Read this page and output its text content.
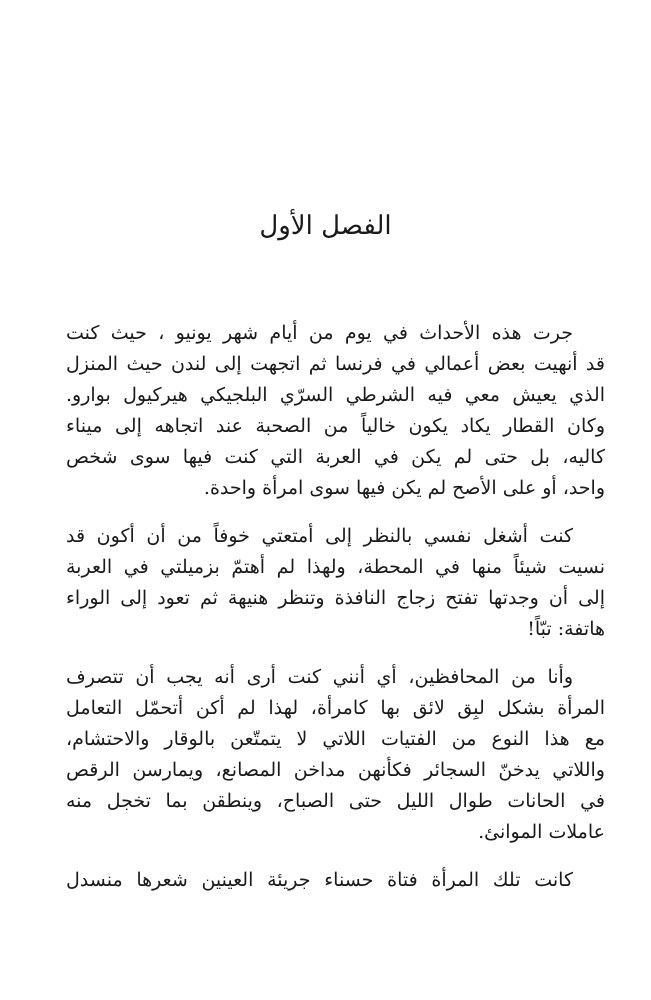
الفصل الأول
جرت هذه الأحداث في يوم من أيام شهر يونيو ، حيث كنت
قد أنهيت بعض أعمالي في فرنسا ثم اتجهت إلى لندن حيث المنزل
الذي يعيش معي فيه الشرطي السرّي البلجيكي هيركيول بوارو.
وكان القطار يكاد يكون خالياً من الصحبة عند اتجاهه إلى ميناء
كاليه، بل حتى لم يكن في العربة التي كنت فيها سوى شخص
واحد، أو على الأصح لم يكن فيها سوى امرأة واحدة.
كنت أشغل نفسي بالنظر إلى أمتعتي خوفاً من أن أكون قد
نسيت شيئاً منها في المحطة، ولهذا لم أهتمّ بزميلتي في العربة
إلى أن وجدتها تفتح زجاج النافذة وتنظر هنيهة ثم تعود إلى الوراء
هاتفة: تبّاً!
وأنا من المحافظين، أي أنني كنت أرى أنه يجب أن تتصرف
المرأة بشكل لبِق لائق بها كامرأة، لهذا لم أكن أتحمّل التعامل
مع هذا النوع من الفتيات اللاتي لا يتمتّعن بالوقار والاحتشام،
واللاتي يدخنّ السجائر فكأنهن مداخن المصانع، ويمارسن الرقص
في الحانات طوال الليل حتى الصباح، وينطقن بما تخجل منه
عاملات الموانئ.
كانت تلك المرأة فتاة حسناء جريئة العينين شعرها منسدل
